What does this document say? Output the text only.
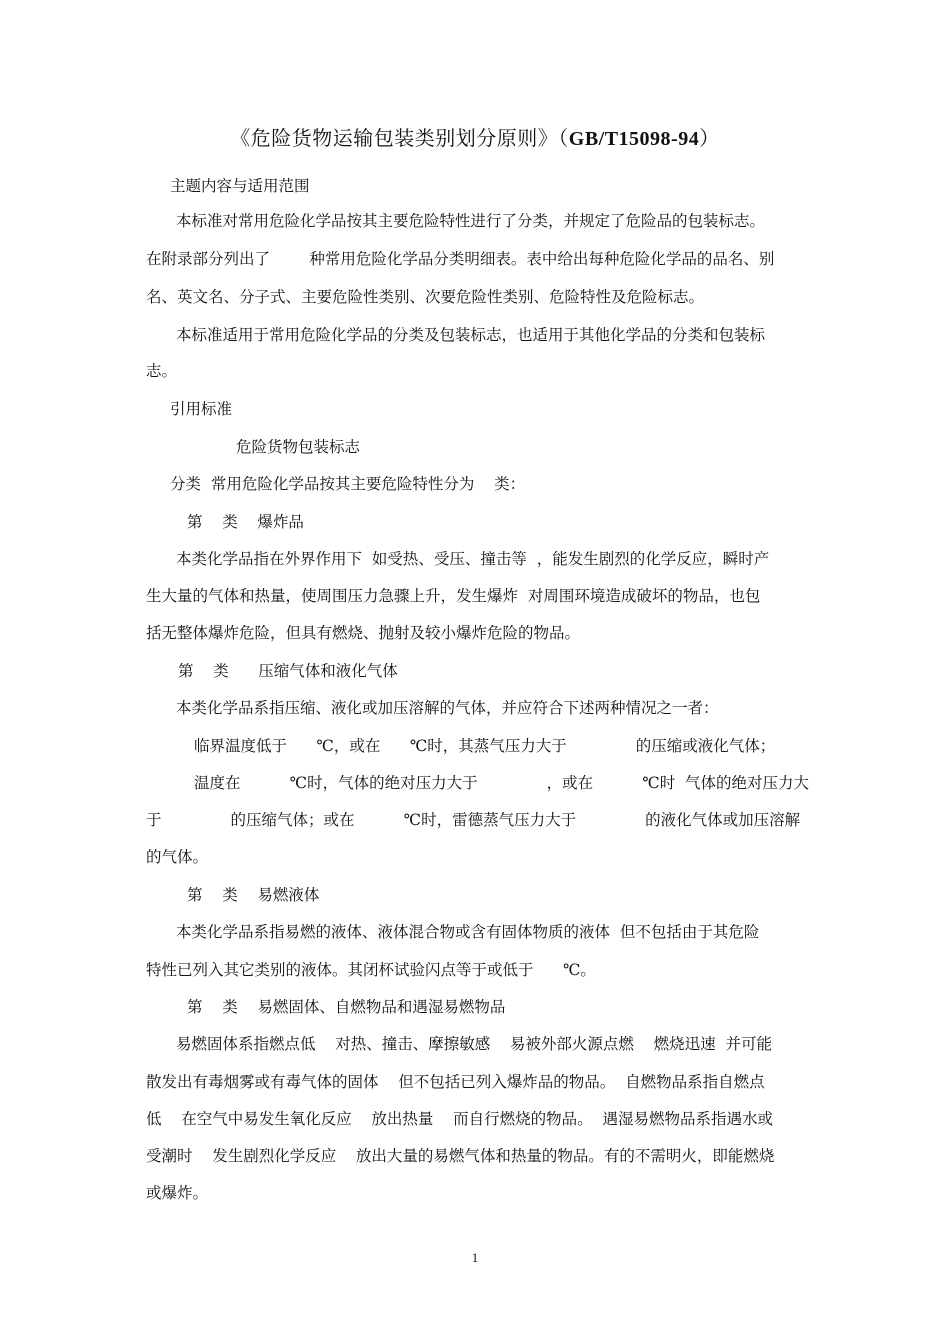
《危险货物运输包装类别划分原则》（GB/T15098-94）
主题内容与适用范围
本标准对常用危险化学品按其主要危险特性进行了分类，并规定了危险品的包装标志。
在附录部分列出了        种常用危险化学品分类明细表。表中给出每种危险化学品的品名、别
名、英文名、分子式、主要危险性类别、次要危险性类别、危险特性及危险标志。
本标准适用于常用危险化学品的分类及包装标志，也适用于其他化学品的分类和包装标
志。
引用标准
危险货物包装标志
分类  常用危险化学品按其主要危险特性分为    类：
第    类    爆炸品
本类化学品指在外界作用下  如受热、受压、撞击等  ，能发生剧烈的化学反应，瞬时产
生大量的气体和热量，使周围压力急骤上升，发生爆炸  对周围环境造成破坏的物品，也包
括无整体爆炸危险，但具有燃烧、抛射及较小爆炸危险的物品。
第    类      压缩气体和液化气体
本类化学品系指压缩、液化或加压溶解的气体，并应符合下述两种情况之一者：
临界温度低于      ℃，或在      ℃时，其蒸气压力大于              的压缩或液化气体；
温度在          ℃时，气体的绝对压力大于              ，或在          ℃时  气体的绝对压力大
于              的压缩气体；或在          ℃时，雷德蒸气压力大于              的液化气体或加压溶解
的气体。
第    类    易燃液体
本类化学品系指易燃的液体、液体混合物或含有固体物质的液体  但不包括由于其危险
特性已列入其它类别的液体。其闭杯试验闪点等于或低于      ℃。
第    类    易燃固体、自燃物品和遇湿易燃物品
易燃固体系指燃点低    对热、撞击、摩擦敏感    易被外部火源点燃    燃烧迅速  并可能
散发出有毒烟雾或有毒气体的固体    但不包括已列入爆炸品的物品。  自燃物品系指自燃点
低    在空气中易发生氧化反应    放出热量    而自行燃烧的物品。  遇湿易燃物品系指遇水或
受潮时    发生剧烈化学反应    放出大量的易燃气体和热量的物品。有的不需明火，即能燃烧
或爆炸。
1
